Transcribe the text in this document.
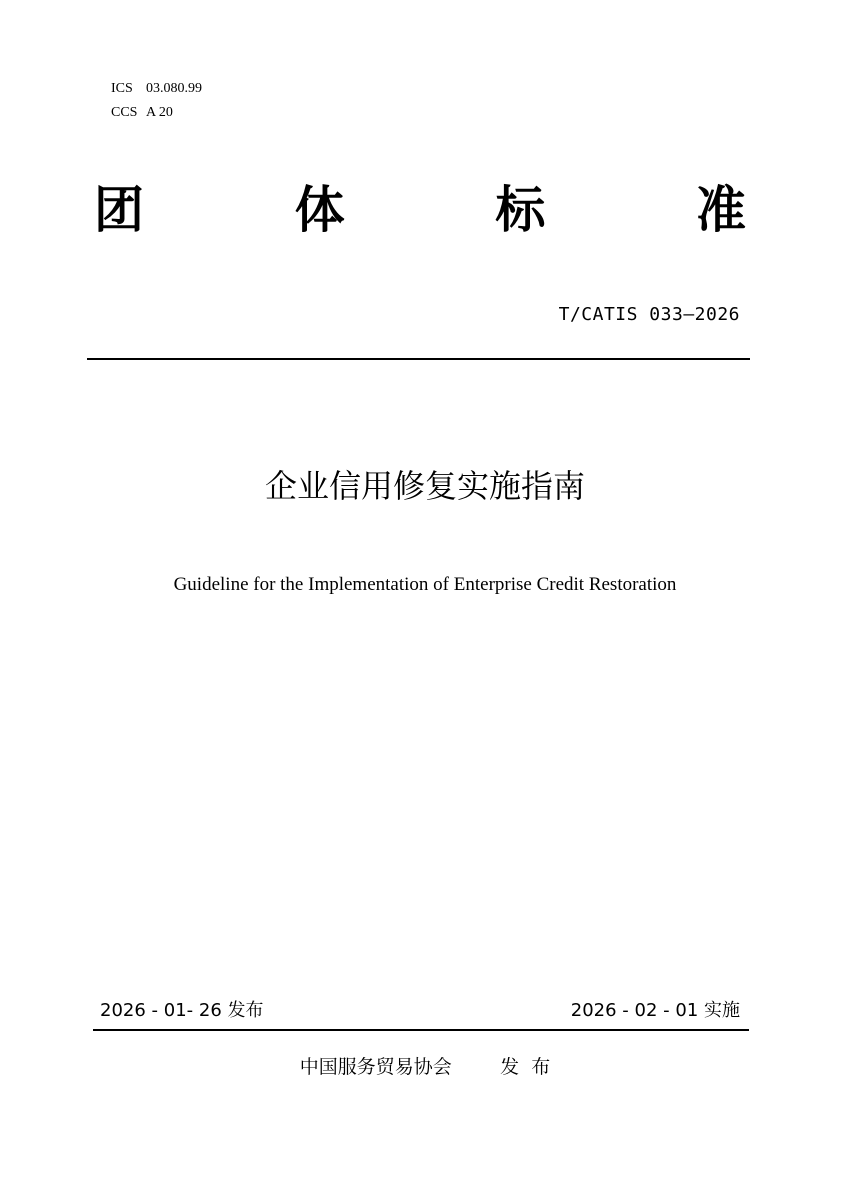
ICS 03.080.99
CCS A 20
团	体	标	准
T/CATIS 033—2026
企业信用修复实施指南
Guideline for the Implementation of Enterprise Credit Restoration
2026 - 01- 26 发布	2026 - 02 - 01 实施
中国服务贸易协会	发  布
